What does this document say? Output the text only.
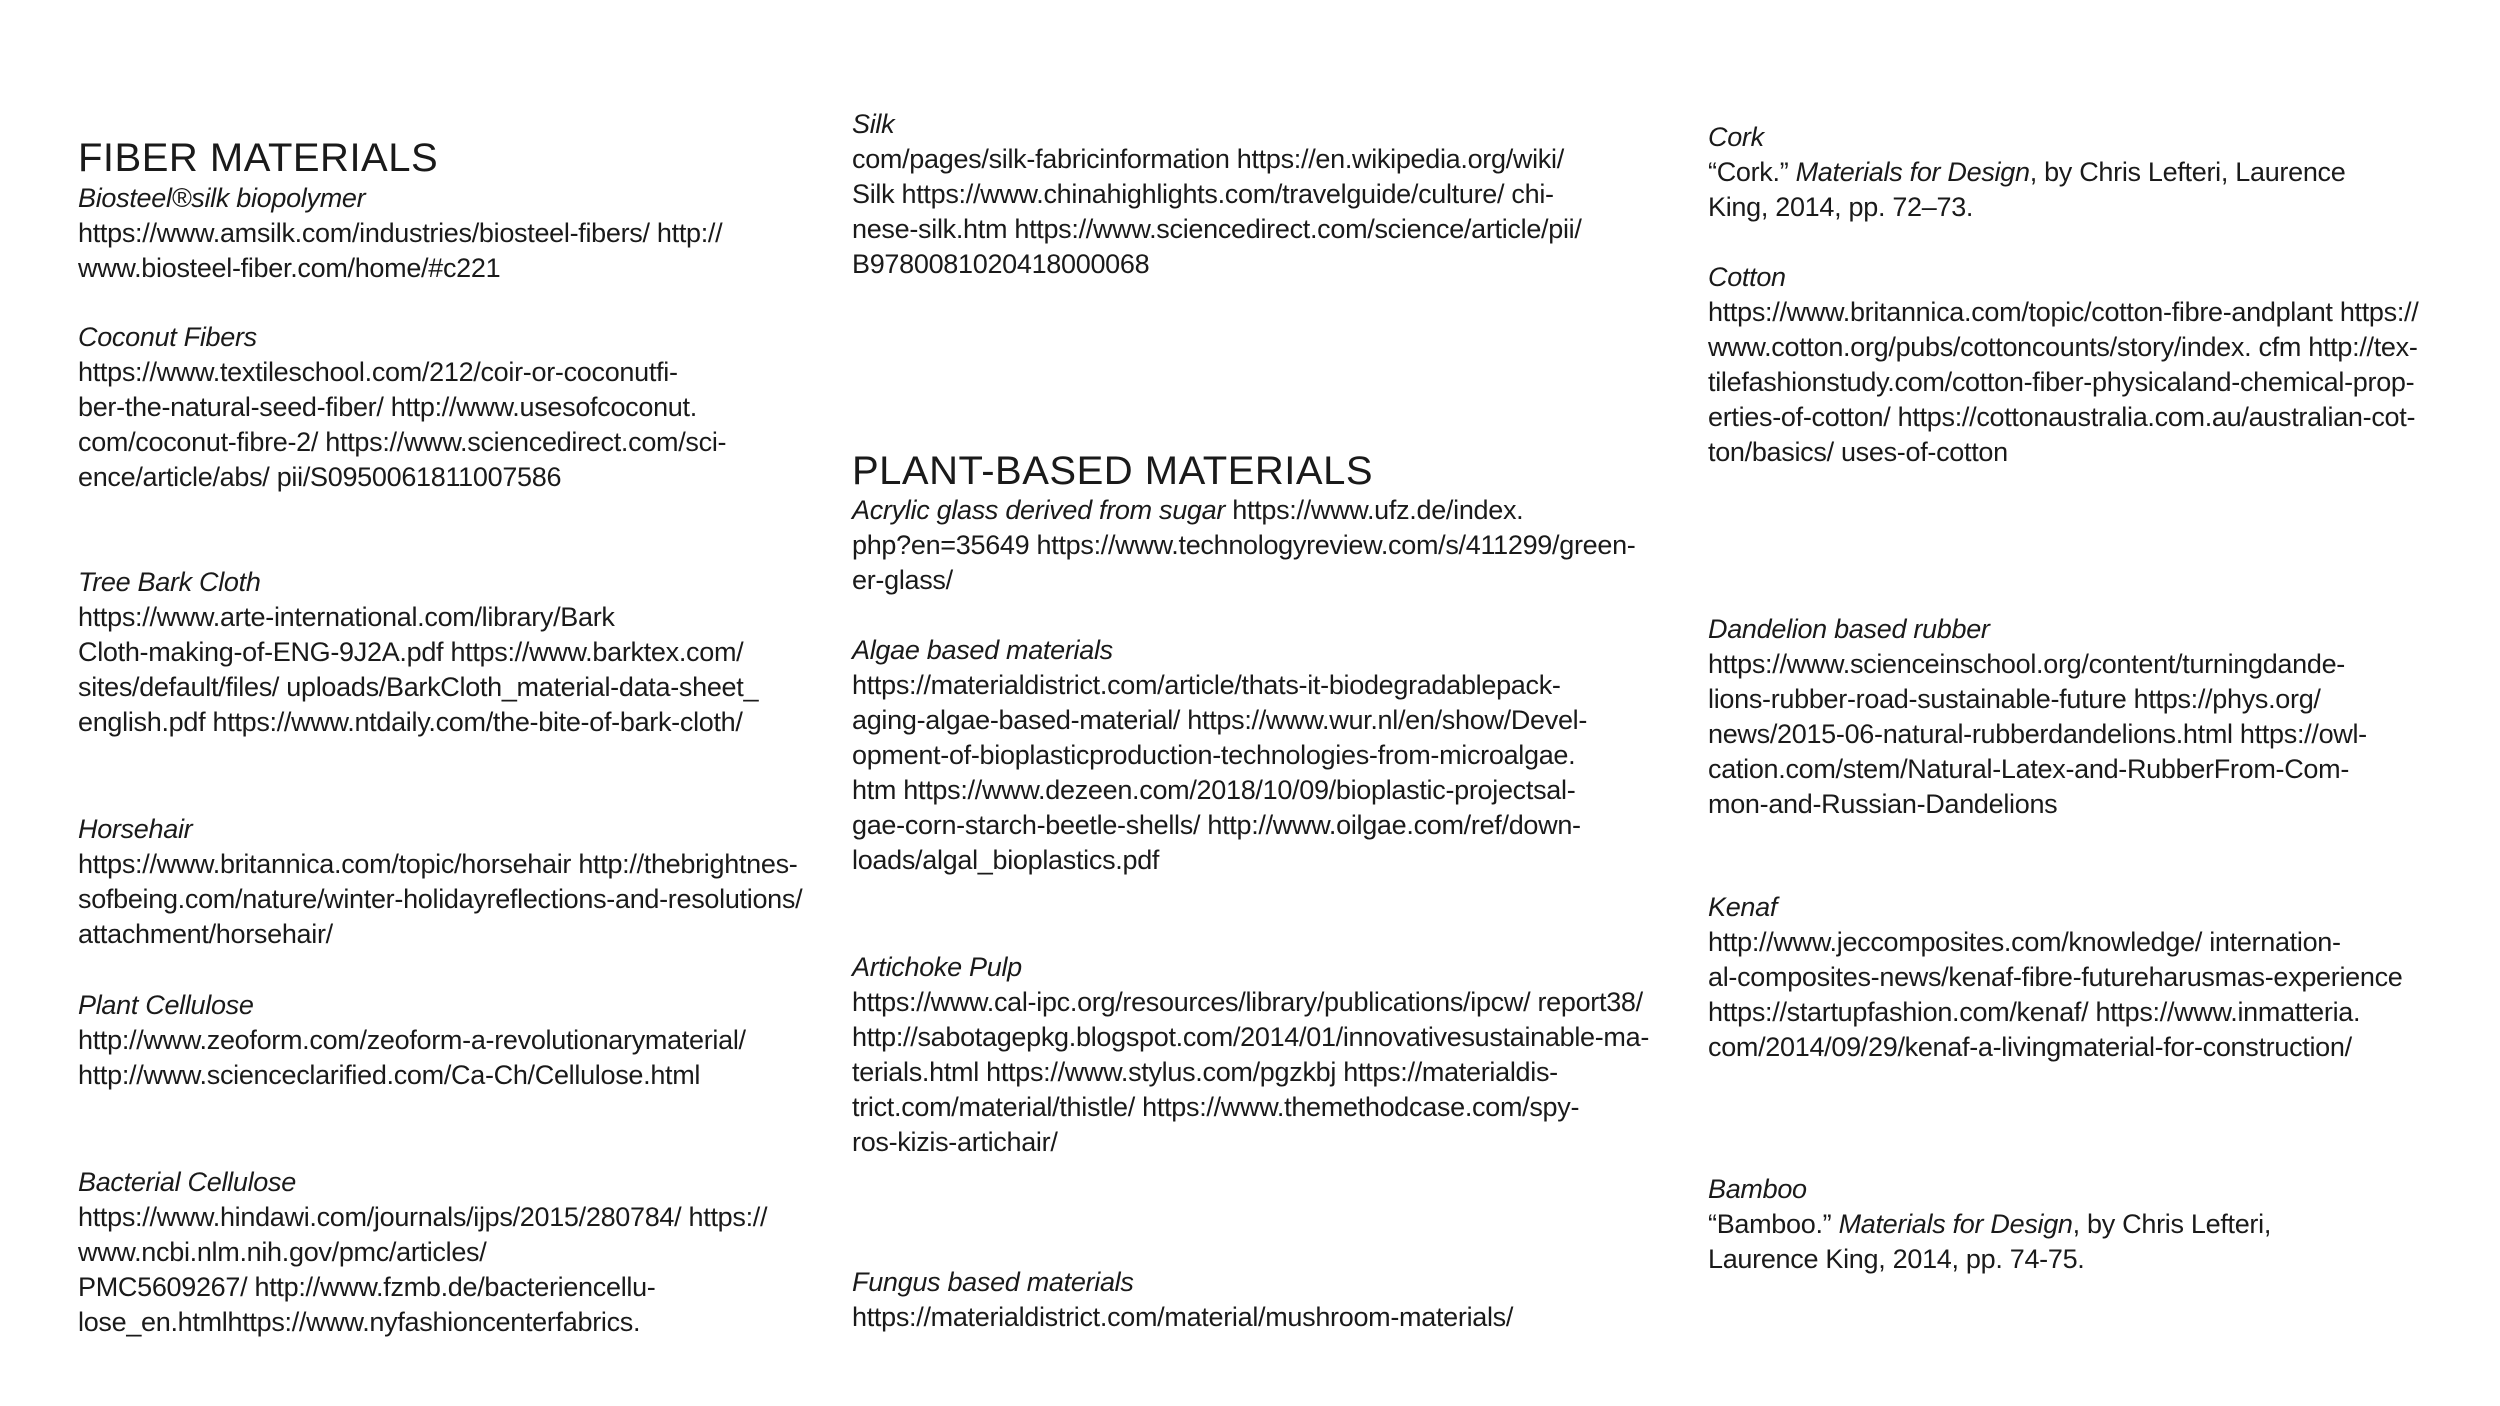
FIBER MATERIALS
Biosteel®silk biopolymer
https://www.amsilk.com/industries/biosteel-fibers/ http://
www.biosteel-fiber.com/home/#c221
Coconut Fibers
https://www.textileschool.com/212/coir-or-coconutfi-
ber-the-natural-seed-fiber/ http://www.usesofcoconut.
com/coconut-fibre-2/ https://www.sciencedirect.com/sci-
ence/article/abs/ pii/S0950061811007586
Tree Bark Cloth
https://www.arte-international.com/library/Bark
Cloth-making-of-ENG-9J2A.pdf https://www.barktex.com/
sites/default/files/ uploads/BarkCloth_material-data-sheet_
english.pdf https://www.ntdaily.com/the-bite-of-bark-cloth/
Horsehair
https://www.britannica.com/topic/horsehair http://thebrightnes-
sofbeing.com/nature/winter-holidayreflections-and-resolutions/
attachment/horsehair/
Plant Cellulose
http://www.zeoform.com/zeoform-a-revolutionarymaterial/
http://www.scienceclarified.com/Ca-Ch/Cellulose.html
Bacterial Cellulose
https://www.hindawi.com/journals/ijps/2015/280784/ https://
www.ncbi.nlm.nih.gov/pmc/articles/
PMC5609267/ http://www.fzmb.de/bacteriencellu-
lose_en.htmlhttps://www.nyfashioncenterfabrics.
Silk
com/pages/silk-fabricinformation https://en.wikipedia.org/wiki/
Silk https://www.chinahighlights.com/travelguide/culture/ chi-
nese-silk.htm https://www.sciencedirect.com/science/article/pii/
B9780081020418000068
PLANT-BASED MATERIALS
Acrylic glass derived from sugar https://www.ufz.de/index.
php?en=35649 https://www.technologyreview.com/s/411299/green-
er-glass/
Algae based materials
https://materialdistrict.com/article/thats-it-biodegradablepack-
aging-algae-based-material/ https://www.wur.nl/en/show/Devel-
opment-of-bioplasticproduction-technologies-from-microalgae.
htm https://www.dezeen.com/2018/10/09/bioplastic-projectsal-
gae-corn-starch-beetle-shells/ http://www.oilgae.com/ref/down-
loads/algal_bioplastics.pdf
Artichoke Pulp
https://www.cal-ipc.org/resources/library/publications/ipcw/ report38/
http://sabotagepkg.blogspot.com/2014/01/innovativesustainable-ma-
terials.html https://www.stylus.com/pgzkbj https://materialdis-
trict.com/material/thistle/ https://www.themethodcase.com/spy-
ros-kizis-artichair/
Fungus based materials
https://materialdistrict.com/material/mushroom-materials/
Cork
“Cork.” Materials for Design, by Chris Lefteri, Laurence
King, 2014, pp. 72–73.
Cotton
https://www.britannica.com/topic/cotton-fibre-andplant https://
www.cotton.org/pubs/cottoncounts/story/index. cfm http://tex-
tilefashionstudy.com/cotton-fiber-physicaland-chemical-prop-
erties-of-cotton/ https://cottonaustralia.com.au/australian-cot-
ton/basics/ uses-of-cotton
Dandelion based rubber
https://www.scienceinschool.org/content/turningdande-
lions-rubber-road-sustainable-future https://phys.org/
news/2015-06-natural-rubberdandelions.html https://owl-
cation.com/stem/Natural-Latex-and-RubberFrom-Com-
mon-and-Russian-Dandelions
Kenaf
http://www.jeccomposites.com/knowledge/ internation-
al-composites-news/kenaf-fibre-futureharusmas-experience
https://startupfashion.com/kenaf/ https://www.inmatteria.
com/2014/09/29/kenaf-a-livingmaterial-for-construction/
Bamboo
“Bamboo.” Materials for Design, by Chris Lefteri,
Laurence King, 2014, pp. 74-75.
